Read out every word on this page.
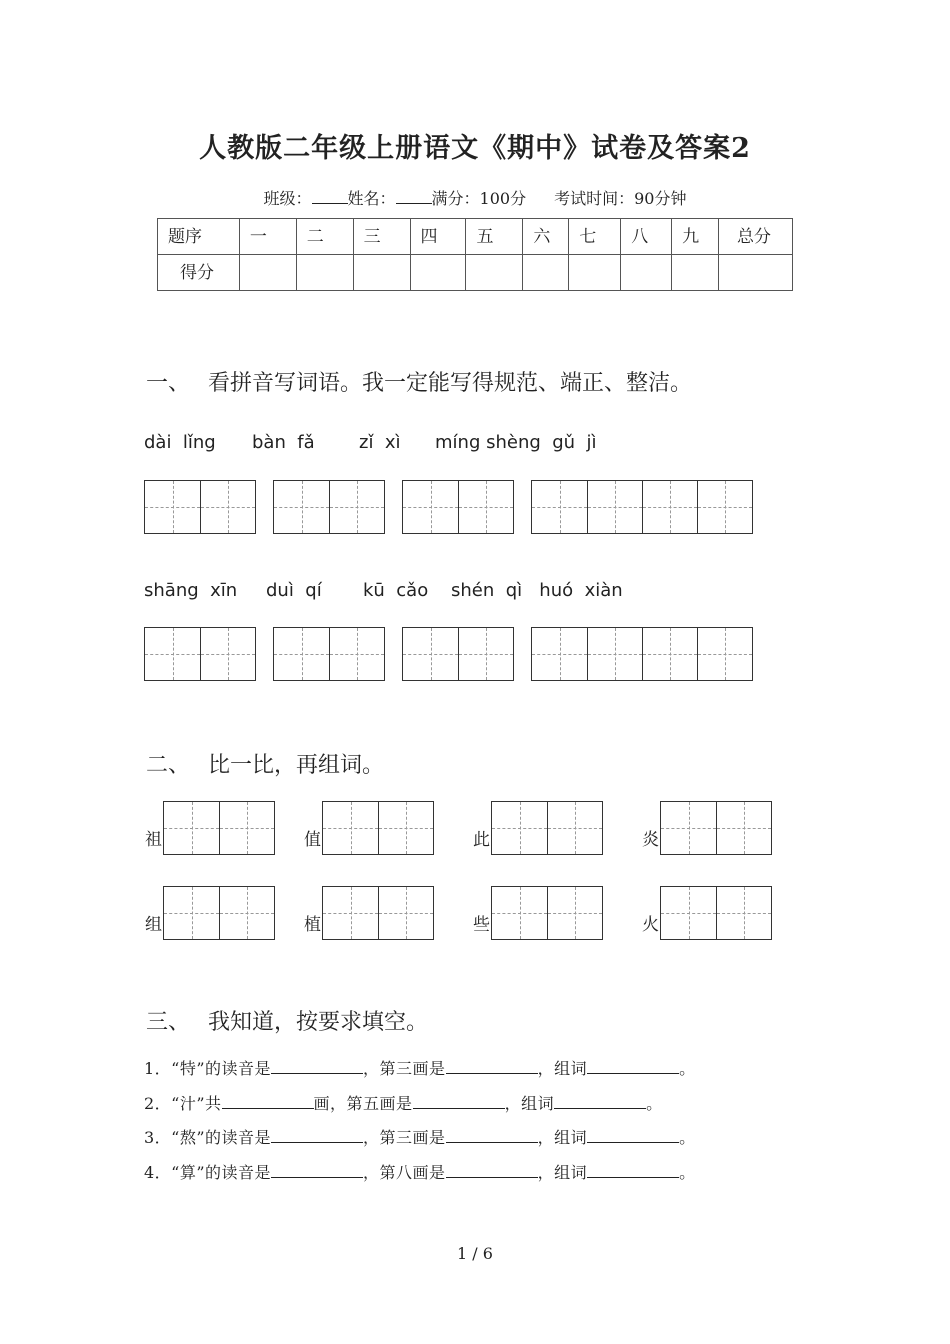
人教版二年级上册语文《期中》试卷及答案2
班级： 姓名： 满分：100分 考试时间：90分钟
题序	一	二	三	四	五	六	七	八	九	总分
得分										
一、 看拼音写词语。我一定能写得规范、端正、整洁。
dài  lǐng bàn  fǎ zǐ  xì míng shèng  gǔ  jì
shāng  xīn duì  qí kū  cǎo shén  qì   huó  xiàn
二、 比一比，再组词。
祖	值	此	炎
组	植	些	火
三、 我知道，按要求填空。
1．“特”的读音是	，第三画是	，组词	。
2．“汁”共	画，第五画是	，组词	。
3．“熬”的读音是	，第三画是	，组词	。
4．“算”的读音是	，第八画是	，组词	。
1 / 6
